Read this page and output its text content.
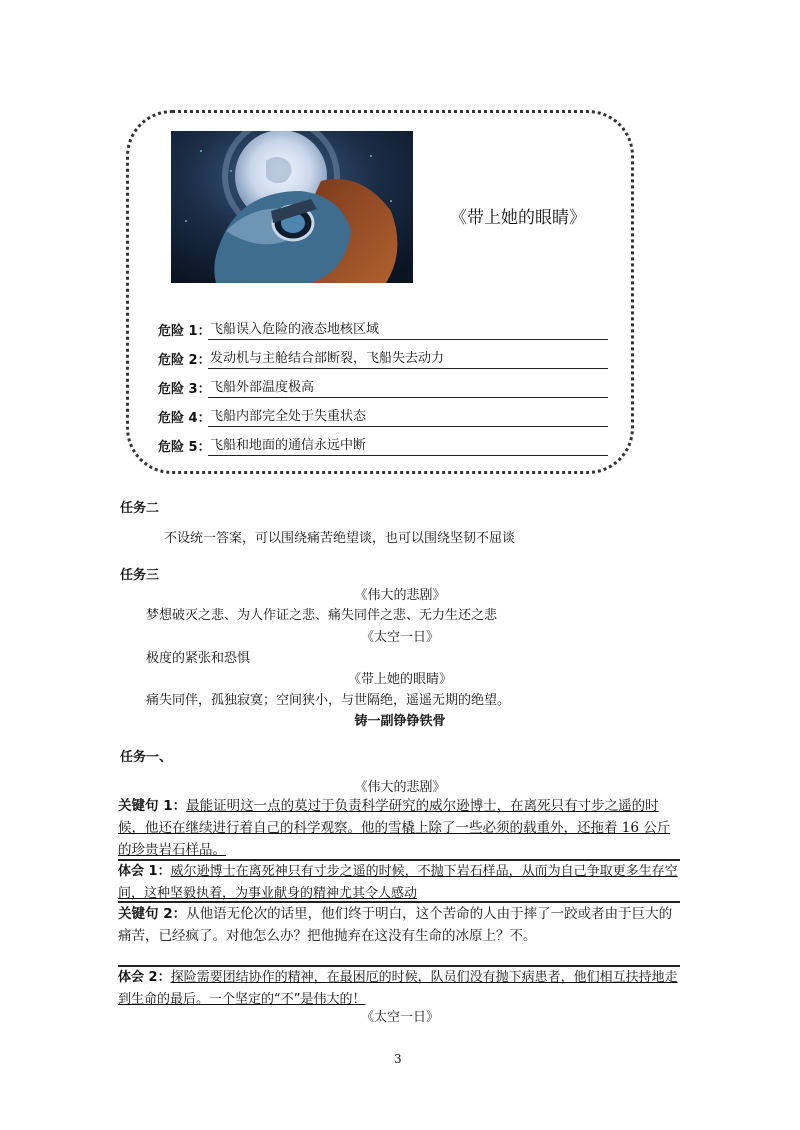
《带上她的眼睛》
危险 1： 飞船误入危险的液态地核区域
危险 2： 发动机与主舱结合部断裂，飞船失去动力
危险 3： 飞船外部温度极高
危险 4： 飞船内部完全处于失重状态
危险 5： 飞船和地面的通信永远中断
任务二
不设统一答案，可以围绕痛苦绝望谈，也可以围绕坚韧不屈谈
任务三
《伟大的悲剧》
梦想破灭之悲、为人作证之悲、痛失同伴之悲、无力生还之悲
《太空一日》
极度的紧张和恐惧
《带上她的眼睛》
痛失同伴，孤独寂寞；空间狭小，与世隔绝，遥遥无期的绝望。
铸一副铮铮铁骨
任务一、
《伟大的悲剧》
关键句 1：最能证明这一点的莫过于负责科学研究的威尔逊博士，在离死只有寸步之遥的时候，他还在继续进行着自己的科学观察。他的雪橇上除了一些必须的载重外，还拖着 16 公斤的珍贵岩石样品。
体会 1：威尔逊博士在离死神只有寸步之遥的时候，不抛下岩石样品，从而为自己争取更多生存空间，这种坚毅执着，为事业献身的精神尤其令人感动
关键句 2：从他语无伦次的话里，他们终于明白，这个苦命的人由于摔了一跤或者由于巨大的痛苦，已经疯了。对他怎么办？把他抛弃在这没有生命的冰原上？不。
体会 2：探险需要团结协作的精神，在最困厄的时候，队员们没有抛下病患者，他们相互扶持地走到生命的最后。一个坚定的“不”是伟大的！
《太空一日》
3
